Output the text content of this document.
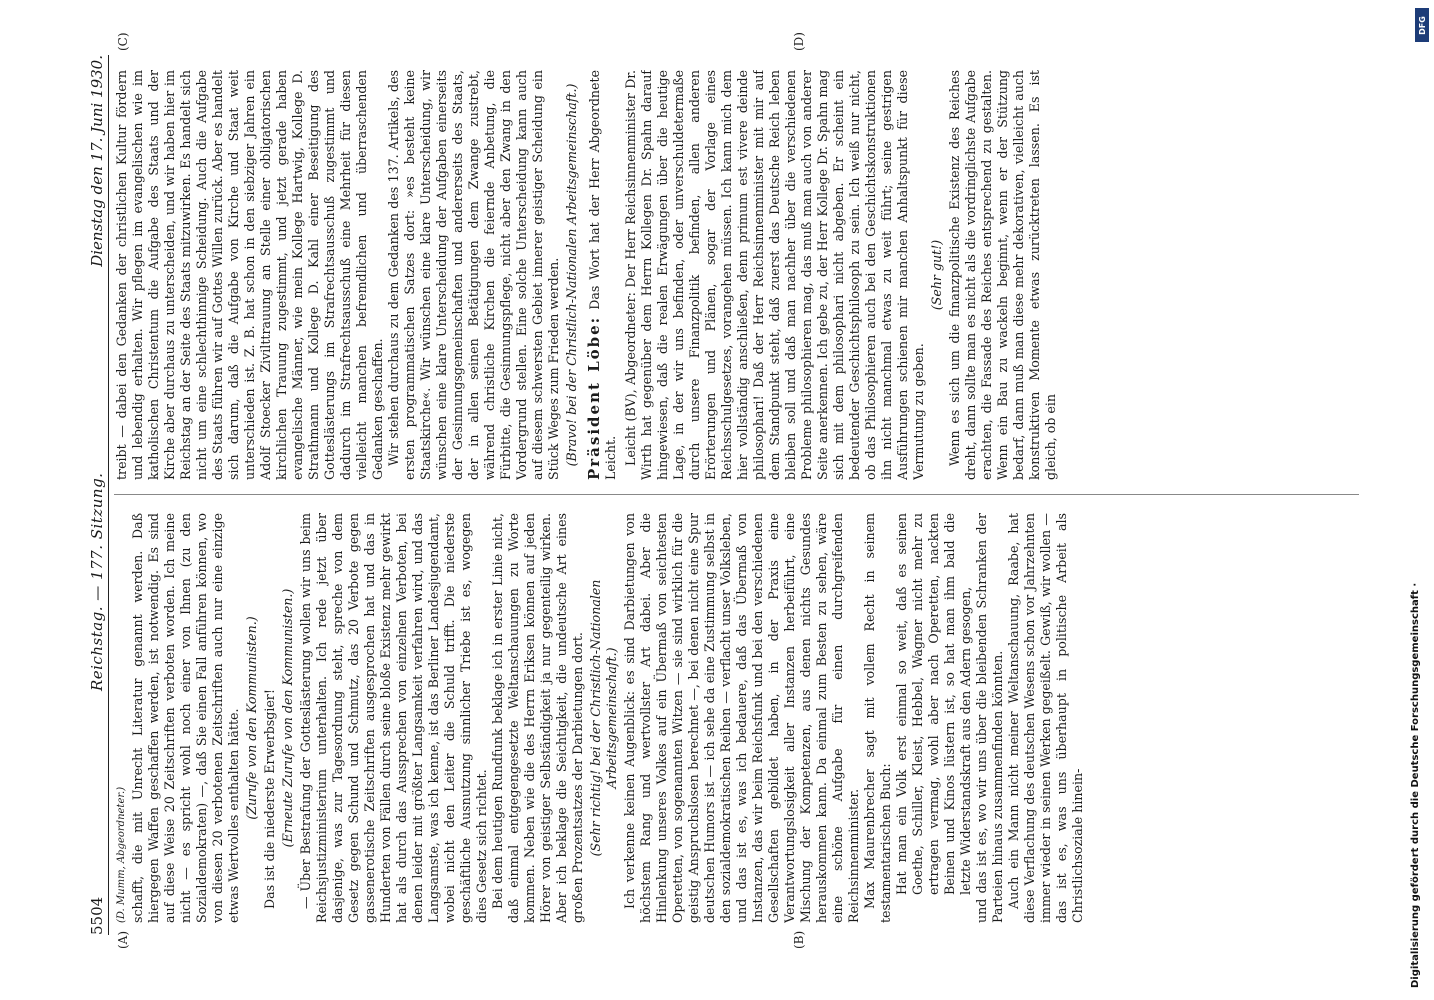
5504
Reichstag. — 177. Sitzung.
Dienstag den 17. Juni 1930.
(A)	(B)
(C)	(D)

(D. Mumm, Abgeordneter.) schafft, die mit Unrecht Literatur genannt werden. Daß hiergegen Waffen geschaffen werden, ist notwendig. Es sind auf diese Weise 20 Zeitschriften verboten worden. Ich meine nicht — es spricht wohl noch einer von Ihnen (zu den Sozialdemokraten) —, daß Sie einen Fall anführen können, wo von diesen 20 verbotenen Zeitschriften auch nur eine einzige etwas Wertvolles enthalten hätte. (Zurufe von den Kommunisten.) Das ist die niederste Erwerbsgier! (Erneute Zurufe von den Kommunisten.) — Über Bestrafung der Gotteslästerung wollen wir uns beim Reichsjustizministerium unterhalten. Ich rede jetzt über dasjenige, was zur Tagesordnung steht, spreche von dem Gesetz gegen Schund und Schmutz, das 20 Verbote gegen gassenerotische Zeitschriften ausgesprochen hat und das in Hunderten von Fällen durch seine bloße Existenz mehr gewirkt hat als durch das Aussprechen von einzelnen Verboten, bei denen leider mit größter Langsamkeit verfahren wird, und das Langsamste, was ich kenne, ist das Berliner Landesjugendamt, wobei nicht den Leiter die Schuld trifft. Die niederste geschäftliche Ausnutzung sinnlicher Triebe ist es, wogegen dies Gesetz sich richtet. Bei dem heutigen Rundfunk beklage ich in erster Linie nicht, daß einmal entgegengesetzte Weltanschauungen zu Worte kommen. Neben wie die des Herrn Eriksen können auf jeden Hörer von geistiger Selbständigkeit ja nur gegenteilig wirken. Aber ich beklage die Seichtigkeit, die undeutsche Art eines großen Prozentsatzes der Darbietungen dort. (Sehr richtig! bei der Christlich-Nationalen Arbeitsgemeinschaft.) Ich verkenne keinen Augenblick: es sind Darbietungen von höchstem Rang und wertvollster Art dabei. Aber die Hinlenkung unseres Volkes auf ein Übermaß von seichtesten Operetten, von sogenannten Witzen — sie sind wirklich für die geistig Anspruchslosen berechnet —, bei denen nicht eine Spur deutschen Humors ist — ich sehe da eine Zustimmung selbst in den sozialdemokratischen Reihen — verflacht unser Volksleben, und das ist es, was ich bedauere, daß das Übermaß von Instanzen, das wir beim Reichsfunk und bei den verschiedenen Gesellschaften gebildet haben, in der Praxis eine Verantwortungslosigkeit aller Instanzen herbeiführt, eine Mischung der Kompetenzen, aus denen nichts Gesundes herauskommen kann. Da einmal zum Besten zu sehen, wäre eine schöne Aufgabe für einen durchgreifenden Reichsinnenminister. Max Maurenbrecher sagt mit vollem Recht in seinem testamentarischen Buch: Hat man ein Volk erst einmal so weit, daß es seinen Goethe, Schiller, Kleist, Hebbel, Wagner nicht mehr zu ertragen vermag, wohl aber nach Operetten, nackten Beinen und Kinos lüstern ist, so hat man ihm bald die letzte Widerstandskraft aus den Adern gesogen, und das ist es, wo wir uns über die bleibenden Schranken der Parteien hinaus zusammenfinden könnten. Auch ein Mann nicht meiner Weltanschauung, Raabe, hat diese Verflachung des deutschen Wesens schon vor Jahrzehnten immer wieder in seinen Werken gegeißelt. Gewiß, wir wollen — das ist es, was uns überhaupt in politische Arbeit als Christlichsoziale hinein-

treibt — dabei den Gedanken der christlichen Kultur fördern und lebendig erhalten. Wir pflegen im evangelischen wie im katholischen Christentum die Aufgabe des Staats und der Kirche aber durchaus zu unterscheiden, und wir haben hier im Reichstag an der Seite des Staats mitzuwirken. Es handelt sich nicht um eine schlechthinnige Scheidung. Auch die Aufgabe des Staats führen wir auf Gottes Willen zurück. Aber es handelt sich darum, daß die Aufgabe von Kirche und Staat weit unterschieden ist. Z. B. hat schon in den siebziger Jahren ein Adolf Stoecker Zivilttrauung an Stelle einer obligatorischen kirchlichen Trauung zugestimmt, und jetzt gerade haben evangelische Männer, wie mein Kollege Hartwig, Kollege D. Strathmann und Kollege D. Kahl einer Beseitigung des Gotteslästerungs im Strafrechtsausschuß zugestimmt und dadurch im Strafrechtsausschuß eine Mehrheit für diesen vielleicht manchen befremdlichen und überraschenden Gedanken geschaffen. Wir stehen durchaus zu dem Gedanken des 137. Artikels, des ersten programmatischen Satzes dort: »es besteht keine Staatskirche«. Wir wünschen eine klare Unterscheidung, wir wünschen eine klare Unterscheidung der Aufgaben einerseits der Gesinnungsgemeinschaften und andererseits des Staats, der in allen seinen Betätigungen dem Zwange zustrebt, während christliche Kirchen die feiernde Anbetung, die Fürbitte, die Gesinnungspflege, nicht aber den Zwang in den Vordergrund stellen. Eine solche Unterscheidung kann auch auf diesem schwersten Gebiet innerer geistiger Scheidung ein Stück Weges zum Frieden werden. (Bravo! bei der Christlich-Nationalen Arbeitsgemeinschaft.) Präsident Löbe: Das Wort hat der Herr Abgeordnete Leicht. Leicht (BV), Abgeordneter: Der Herr Reichsinnenminister Dr. Wirth hat gegenüber dem Herrn Kollegen Dr. Spahn darauf hingewiesen, daß die realen Erwägungen über die heutige Lage, in der wir uns befinden, oder unverschuldetermaße durch unsere Finanzpolitik befinden, allen anderen Erörterungen und Plänen, sogar der Vorlage eines Reichsschulgesetzes, vorangehen müssen. Ich kann mich dem hier vollständig anschließen, denn primum est vivere deinde philosophari! Daß der Herr Reichsinnenminister mit mir auf dem Standpunkt steht, daß zuerst das Deutsche Reich leben bleiben soll und daß man nachher über die verschiedenen Probleme philosophieren mag, das muß man auch von anderer Seite anerkennen. Ich gebe zu, der Herr Kollege Dr. Spahn mag sich mit dem philosophari nicht abgeben. Er scheint ein bedeutender Geschichtsphilosoph zu sein. Ich weiß nur nicht, ob das Philosophieren auch bei den Geschichtskonstruktionen ihn nicht manchmal etwas zu weit führt; seine gestrigen Ausführungen schienen mir manchen Anhaltspunkt für diese Vermutung zu geben.

(Sehr gut!) Wenn es sich um die finanzpolitische Existenz des Reiches dreht, dann sollte man es nicht als die vordringlichste Aufgabe erachten, die Fassade des Reiches entsprechend zu gestalten. Wenn ein Bau zu wackeln beginnt, wenn er der Stützung bedarf, dann muß man diese mehr dekorativen, vielleicht auch konstruktiven Momente etwas zurücktreten lassen. Es ist gleich, ob ein

Digitalisierung gefördert durch die Deutsche Forschungsgemeinschaft ·
DFG
